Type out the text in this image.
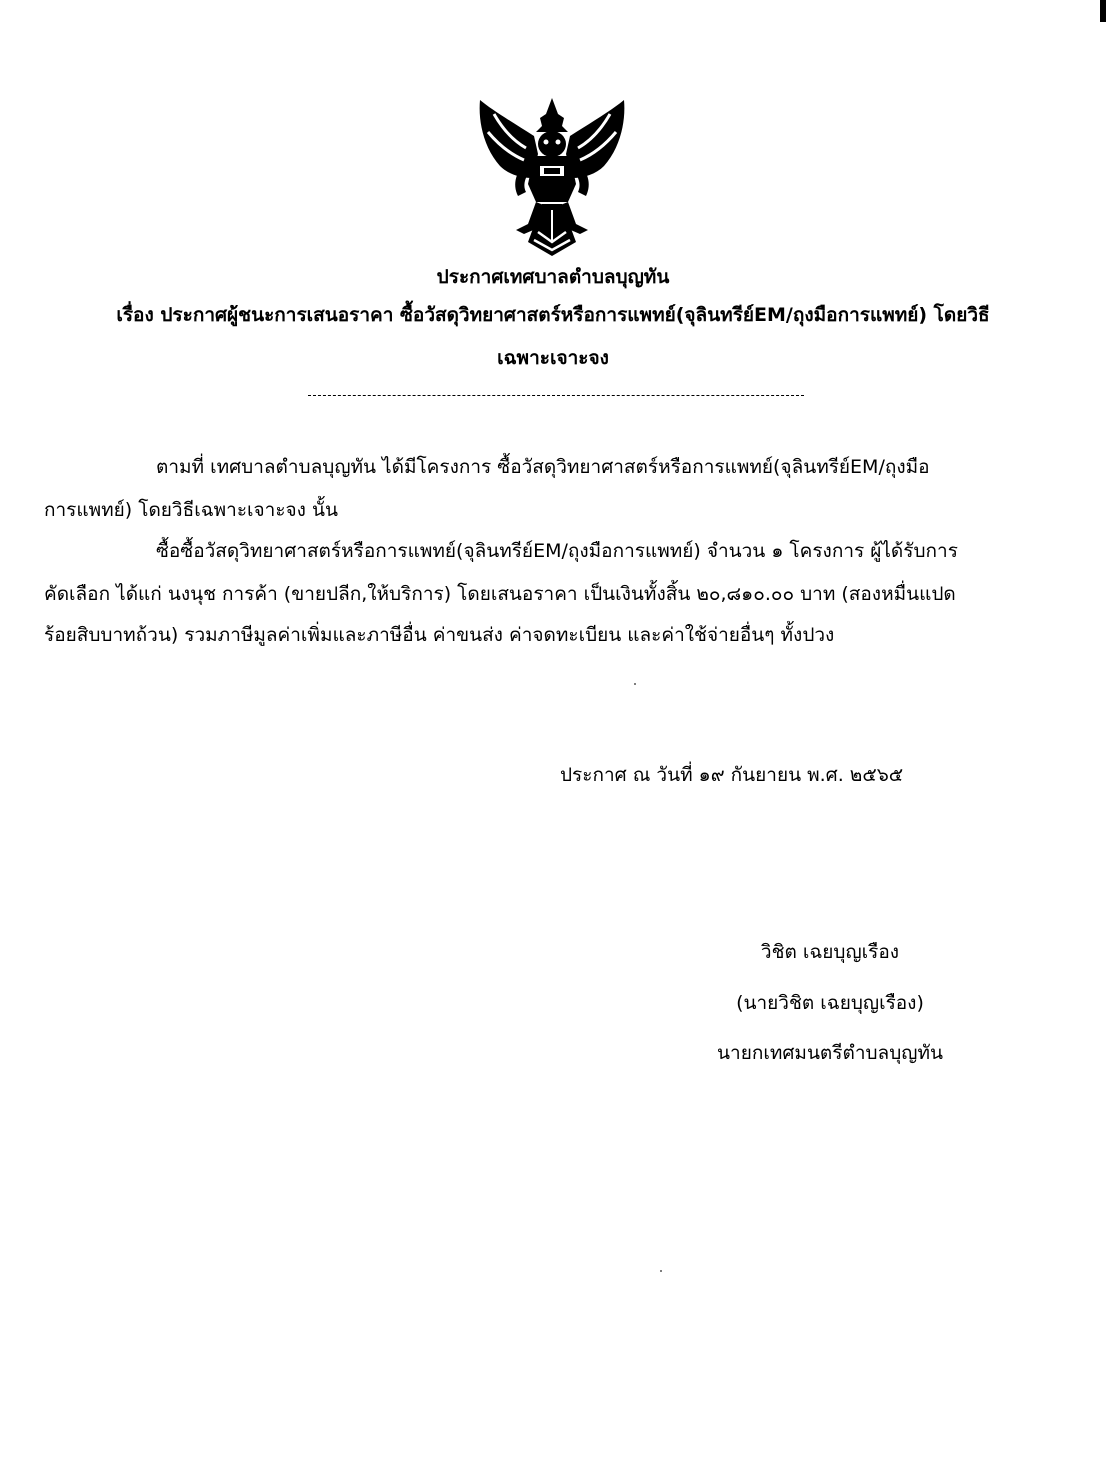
ประกาศเทศบาลตำบลบุญทัน
เรื่อง ประกาศผู้ชนะการเสนอราคา ซื้อวัสดุวิทยาศาสตร์หรือการแพทย์(จุลินทรีย์EM/ถุงมือการแพทย์) โดยวิธี
เฉพาะเจาะจง
ตามที่ เทศบาลตำบลบุญทัน ได้มีโครงการ ซื้อวัสดุวิทยาศาสตร์หรือการแพทย์(จุลินทรีย์EM/ถุงมือ
การแพทย์) โดยวิธีเฉพาะเจาะจง นั้น
ซื้อซื้อวัสดุวิทยาศาสตร์หรือการแพทย์(จุลินทรีย์EM/ถุงมือการแพทย์) จำนวน ๑ โครงการ ผู้ได้รับการ
คัดเลือก ได้แก่ นงนุช การค้า (ขายปลีก,ให้บริการ) โดยเสนอราคา เป็นเงินทั้งสิ้น ๒๐,๘๑๐.๐๐ บาท (สองหมื่นแปด
ร้อยสิบบาทถ้วน) รวมภาษีมูลค่าเพิ่มและภาษีอื่น ค่าขนส่ง ค่าจดทะเบียน และค่าใช้จ่ายอื่นๆ ทั้งปวง
ประกาศ ณ วันที่ ๑๙ กันยายน พ.ศ. ๒๕๖๕
วิชิต เฉยบุญเรือง
(นายวิชิต เฉยบุญเรือง)
นายกเทศมนตรีตำบลบุญทัน
